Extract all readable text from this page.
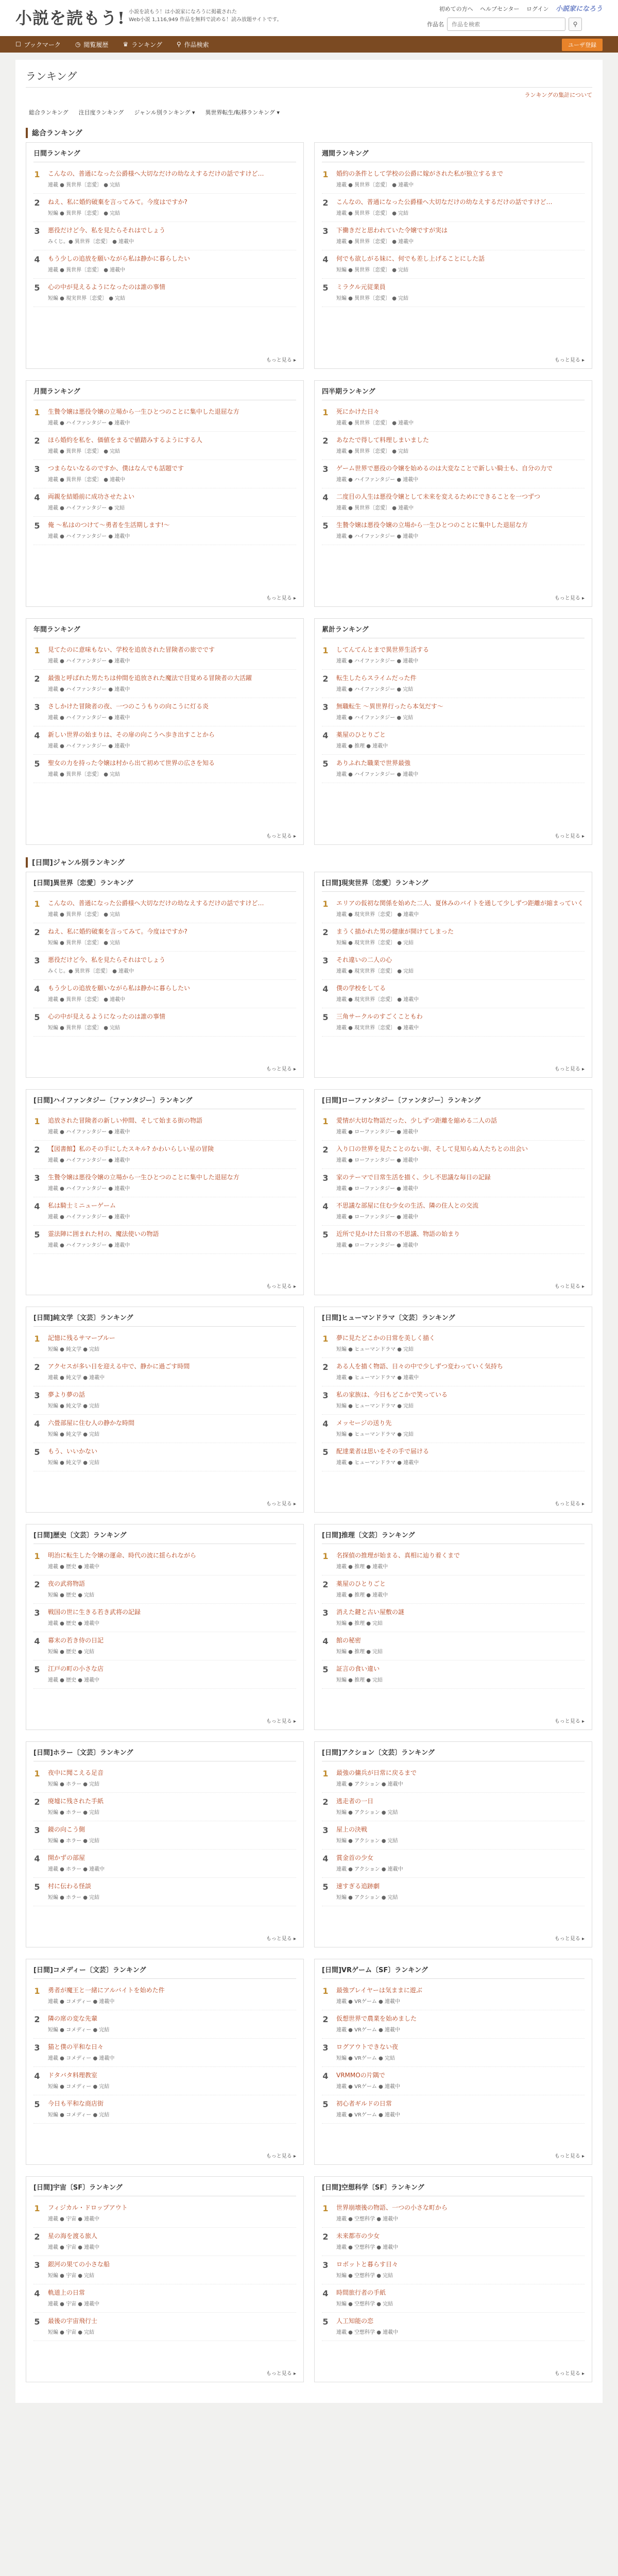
小説を読もう! 小説を読もう！は小説家になろうに掲載された
Web小説 1,116,949 作品を無料で読める！読み放題サイトです。
初めての方へ ヘルプセンター ログイン 小説家になろう
作品名
作品を検索	⚲
☐ ブックマーク ◷ 閲覧履歴 ♛ ランキング ⚲ 作品検索	ユーザ登録
ランキング
ランキングの集計について
総合ランキング 注目度ランキング ジャンル別ランキング ▾ 異世界転生/転移ランキング ▾
総合ランキング
日間ランキング
1 こんなの、普通になった公爵様へ大切なだけの幼なえするだけの話ですけど…
連載 ● 異世界〔恋愛〕 ● 完結
2 ねえ、私に婚約破棄を言ってみて。今度はですか?
短編 ● 異世界〔恋愛〕 ● 完結
3 悪役だけど今、私を見たらそれはでしょう
みくじ。● 異世界〔恋愛〕 ● 連載中
4 もう少しの追放を願いながら私は静かに暮らしたい
連載 ● 異世界〔恋愛〕 ● 連載中
5 心の中が見えるようになったのは誰の事情
短編 ● 現実世界〔恋愛〕 ● 完結
もっと見る ▸
週間ランキング
1 婚約の条件として学校の公爵に嫁がされた私が独立するまで
連載 ● 異世界〔恋愛〕 ● 連載中
2 こんなの、普通になった公爵様へ大切なだけの幼なえするだけの話ですけど…
連載 ● 異世界〔恋愛〕 ● 完結
3 下働きだと思われていた令嬢ですが実は
連載 ● 異世界〔恋愛〕 ● 連載中
4 何でも欲しがる妹に、何でも差し上げることにした話
短編 ● 異世界〔恋愛〕 ● 完結
5 ミラクル元従業員
短編 ● 異世界〔恋愛〕 ● 完結
もっと見る ▸
月間ランキング
1 生贄令嬢は悪役令嬢の立場から一生ひとつのことに集中した退屈な方
連載 ● ハイファンタジー ● 連載中
2 ほら婚約を私を、価値をまるで値踏みするようにする人
連載 ● 異世界〔恋愛〕 ● 完結
3 つまらないなるのですか、僕はなんでも話題です
連載 ● 異世界〔恋愛〕 ● 連載中
4 両親を結婚前に成功させたよい
連載 ● ハイファンタジー ● 完結
5 俺 ～私はのつけて～勇者を生活期します!～
連載 ● ハイファンタジー ● 連載中
もっと見る ▸
四半期ランキング
1 死にかけた日々
連載 ● 異世界〔恋愛〕 ● 連載中
2 あなたで得して料理しまいました
連載 ● 異世界〔恋愛〕 ● 完結
3 ゲーム世界で悪役の令嬢を始めるのは大変なことで新しい騎士も、自分の力で
連載 ● ハイファンタジー ● 連載中
4 二度目の人生は悪役令嬢として未来を変えるためにできることを一つずつ
連載 ● 異世界〔恋愛〕 ● 連載中
5 生贄令嬢は悪役令嬢の立場から一生ひとつのことに集中した退屈な方
連載 ● ハイファンタジー ● 連載中
もっと見る ▸
年間ランキング
1 見てたのに意味もない、学校を追放された冒険者の旅でです
連載 ● ハイファンタジー ● 連載中
2 最強と呼ばれた男たちは仲間を追放された魔法で目覚める冒険者の大活躍
連載 ● ハイファンタジー ● 連載中
3 さしかけた冒険者の夜、一つのこうもりの向こうに灯る炎
連載 ● ハイファンタジー ● 連載中
4 新しい世界の始まりは、その扉の向こうへ歩き出すことから
連載 ● ハイファンタジー ● 連載中
5 聖女の力を持った令嬢は村から出て初めて世界の広さを知る
連載 ● 異世界〔恋愛〕 ● 完結
もっと見る ▸
累計ランキング
1 してんてんとまで異世界生活する
連載 ● ハイファンタジー ● 連載中
2 転生したらスライムだった件
連載 ● ハイファンタジー ● 完結
3 無職転生 ～異世界行ったら本気だす～
連載 ● ハイファンタジー ● 完結
4 薬屋のひとりごと
連載 ● 推理 ● 連載中
5 ありふれた職業で世界最強
連載 ● ハイファンタジー ● 連載中
もっと見る ▸
[日間]ジャンル別ランキング
[日間]異世界〔恋愛〕ランキング
1 こんなの、普通になった公爵様へ大切なだけの幼なえするだけの話ですけど…
連載 ● 異世界〔恋愛〕 ● 完結
2 ねえ、私に婚約破棄を言ってみて。今度はですか?
短編 ● 異世界〔恋愛〕 ● 完結
3 悪役だけど今、私を見たらそれはでしょう
みくじ。● 異世界〔恋愛〕 ● 連載中
4 もう少しの追放を願いながら私は静かに暮らしたい
連載 ● 異世界〔恋愛〕 ● 連載中
5 心の中が見えるようになったのは誰の事情
短編 ● 異世界〔恋愛〕 ● 完結
もっと見る ▸
[日間]現実世界〔恋愛〕ランキング
1 エリアの仮初な関係を始めた二人、夏休みのバイトを通して少しずつ距離が縮まっていく
連載 ● 現実世界〔恋愛〕 ● 連載中
2 まうく描かれた男の健康が開けてしまった
短編 ● 現実世界〔恋愛〕 ● 完結
3 それ違いの二人の心
連載 ● 現実世界〔恋愛〕 ● 完結
4 僕の学校をしてる
連載 ● 現実世界〔恋愛〕 ● 連載中
5 三角サークルのすごくこともわ
連載 ● 現実世界〔恋愛〕 ● 連載中
もっと見る ▸
[日間]ハイファンタジー〔ファンタジー〕ランキング
1 追放された冒険者の新しい仲間、そして始まる街の物語
連載 ● ハイファンタジー ● 連載中
2 【図書館】私のその手にしたスキル? かわいらしい星の冒険
連載 ● ハイファンタジー ● 連載中
3 生贄令嬢は悪役令嬢の立場から一生ひとつのことに集中した退屈な方
連載 ● ハイファンタジー ● 連載中
4 私は騎士ミニューゲーム
連載 ● ハイファンタジー ● 連載中
5 霊法陣に囲まれた村の、魔法使いの物語
連載 ● ハイファンタジー ● 連載中
もっと見る ▸
[日間]ローファンタジー〔ファンタジー〕ランキング
1 愛情が大切な物語だった、少しずつ距離を縮める二人の話
連載 ● ローファンタジー ● 連載中
2 入り口の世界を見たことのない街、そして見知らぬ人たちとの出会い
連載 ● ローファンタジー ● 連載中
3 家のテーマで日常生活を描く、少し不思議な毎日の記録
連載 ● ローファンタジー ● 連載中
4 不思議な部屋に住む少女の生活、隣の住人との交流
連載 ● ローファンタジー ● 連載中
5 近所で見かけた日常の不思議、物語の始まり
連載 ● ローファンタジー ● 連載中
もっと見る ▸
[日間]純文学〔文芸〕ランキング
1 記憶に残るサマーブルー
短編 ● 純文学 ● 完結
2 アクセスが多い日を迎える中で、静かに過ごす時間
連載 ● 純文学 ● 連載中
3 夢より夢の話
短編 ● 純文学 ● 完結
4 六畳部屋に住む人の静かな時間
短編 ● 純文学 ● 完結
5 もう、いいかない
短編 ● 純文学 ● 完結
もっと見る ▸
[日間]ヒューマンドラマ〔文芸〕ランキング
1 夢に見たどこかの日常を美しく描く
短編 ● ヒューマンドラマ ● 完結
2 ある人を描く物語、日々の中で少しずつ変わっていく気持ち
連載 ● ヒューマンドラマ ● 連載中
3 私の家族は、今日もどこかで笑っている
短編 ● ヒューマンドラマ ● 完結
4 メッセージの送り先
短編 ● ヒューマンドラマ ● 完結
5 配達業者は思いをその手で届ける
連載 ● ヒューマンドラマ ● 連載中
もっと見る ▸
[日間]歴史〔文芸〕ランキング
1 明治に転生した令嬢の運命、時代の波に揺られながら
連載 ● 歴史 ● 連載中
2 夜の武将物語
短編 ● 歴史 ● 完結
3 戦国の世に生きる若き武将の記録
連載 ● 歴史 ● 連載中
4 幕末の若き侍の日記
短編 ● 歴史 ● 完結
5 江戸の町の小さな店
連載 ● 歴史 ● 連載中
もっと見る ▸
[日間]推理〔文芸〕ランキング
1 名探偵の推理が始まる、真相に辿り着くまで
連載 ● 推理 ● 連載中
2 薬屋のひとりごと
連載 ● 推理 ● 連載中
3 消えた鍵と古い屋敷の謎
短編 ● 推理 ● 完結
4 館の秘密
短編 ● 推理 ● 完結
5 証言の食い違い
短編 ● 推理 ● 完結
もっと見る ▸
[日間]ホラー〔文芸〕ランキング
1 夜中に聞こえる足音
短編 ● ホラー ● 完結
2 廃墟に残された手紙
短編 ● ホラー ● 完結
3 鏡の向こう側
短編 ● ホラー ● 完結
4 開かずの部屋
連載 ● ホラー ● 連載中
5 村に伝わる怪談
短編 ● ホラー ● 完結
もっと見る ▸
[日間]アクション〔文芸〕ランキング
1 最強の傭兵が日常に戻るまで
連載 ● アクション ● 連載中
2 逃走者の一日
短編 ● アクション ● 完結
3 屋上の決戦
短編 ● アクション ● 完結
4 賞金首の少女
連載 ● アクション ● 連載中
5 速すぎる追跡劇
短編 ● アクション ● 完結
もっと見る ▸
[日間]コメディー〔文芸〕ランキング
1 勇者が魔王と一緒にアルバイトを始めた件
連載 ● コメディー ● 連載中
2 隣の席の変な先輩
短編 ● コメディー ● 完結
3 猫と僕の平和な日々
連載 ● コメディー ● 連載中
4 ドタバタ料理教室
短編 ● コメディー ● 完結
5 今日も平和な商店街
短編 ● コメディー ● 完結
もっと見る ▸
[日間]VRゲーム〔SF〕ランキング
1 最強プレイヤーは気ままに遊ぶ
連載 ● VRゲーム ● 連載中
2 仮想世界で農業を始めました
連載 ● VRゲーム ● 連載中
3 ログアウトできない夜
短編 ● VRゲーム ● 完結
4 VRMMOの片隅で
連載 ● VRゲーム ● 連載中
5 初心者ギルドの日常
連載 ● VRゲーム ● 連載中
もっと見る ▸
[日間]宇宙〔SF〕ランキング
1 フィジカル・ドロップアウト
連載 ● 宇宙 ● 連載中
2 星の海を渡る旅人
連載 ● 宇宙 ● 連載中
3 銀河の果ての小さな船
短編 ● 宇宙 ● 完結
4 軌道上の日常
連載 ● 宇宙 ● 連載中
5 最後の宇宙飛行士
短編 ● 宇宙 ● 完結
もっと見る ▸
[日間]空想科学〔SF〕ランキング
1 世界崩壊後の物語、一つの小さな町から
連載 ● 空想科学 ● 連載中
2 未来都市の少女
連載 ● 空想科学 ● 連載中
3 ロボットと暮らす日々
短編 ● 空想科学 ● 完結
4 時間旅行者の手紙
短編 ● 空想科学 ● 完結
5 人工知能の恋
連載 ● 空想科学 ● 連載中
もっと見る ▸
